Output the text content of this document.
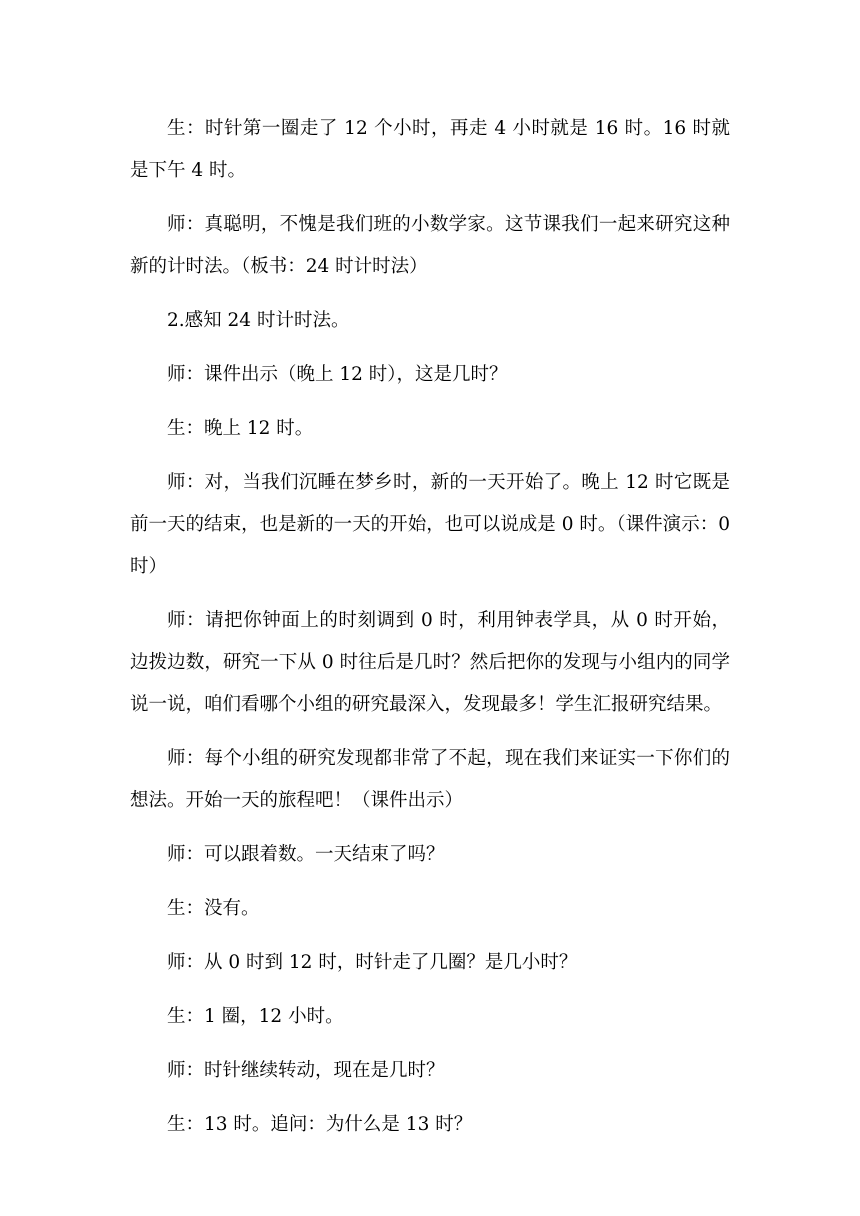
生：时针第一圈走了 12 个小时，再走 4 小时就是 16 时。16 时就是下午 4 时。

师：真聪明，不愧是我们班的小数学家。这节课我们一起来研究这种新的计时法。（板书：24 时计时法）

2.感知 24 时计时法。

师：课件出示（晚上 12 时），这是几时？

生：晚上 12 时。

师：对，当我们沉睡在梦乡时，新的一天开始了。晚上 12 时它既是前一天的结束，也是新的一天的开始，也可以说成是 0 时。（课件演示：0 时）

师：请把你钟面上的时刻调到 0 时，利用钟表学具，从 0 时开始，边拨边数，研究一下从 0 时往后是几时？然后把你的发现与小组内的同学说一说，咱们看哪个小组的研究最深入，发现最多！学生汇报研究结果。

师：每个小组的研究发现都非常了不起，现在我们来证实一下你们的想法。开始一天的旅程吧！（课件出示）

师：可以跟着数。一天结束了吗？

生：没有。

师：从 0 时到 12 时，时针走了几圈？是几小时？

生：1 圈，12 小时。

师：时针继续转动，现在是几时？

生：13 时。追问：为什么是 13 时？
